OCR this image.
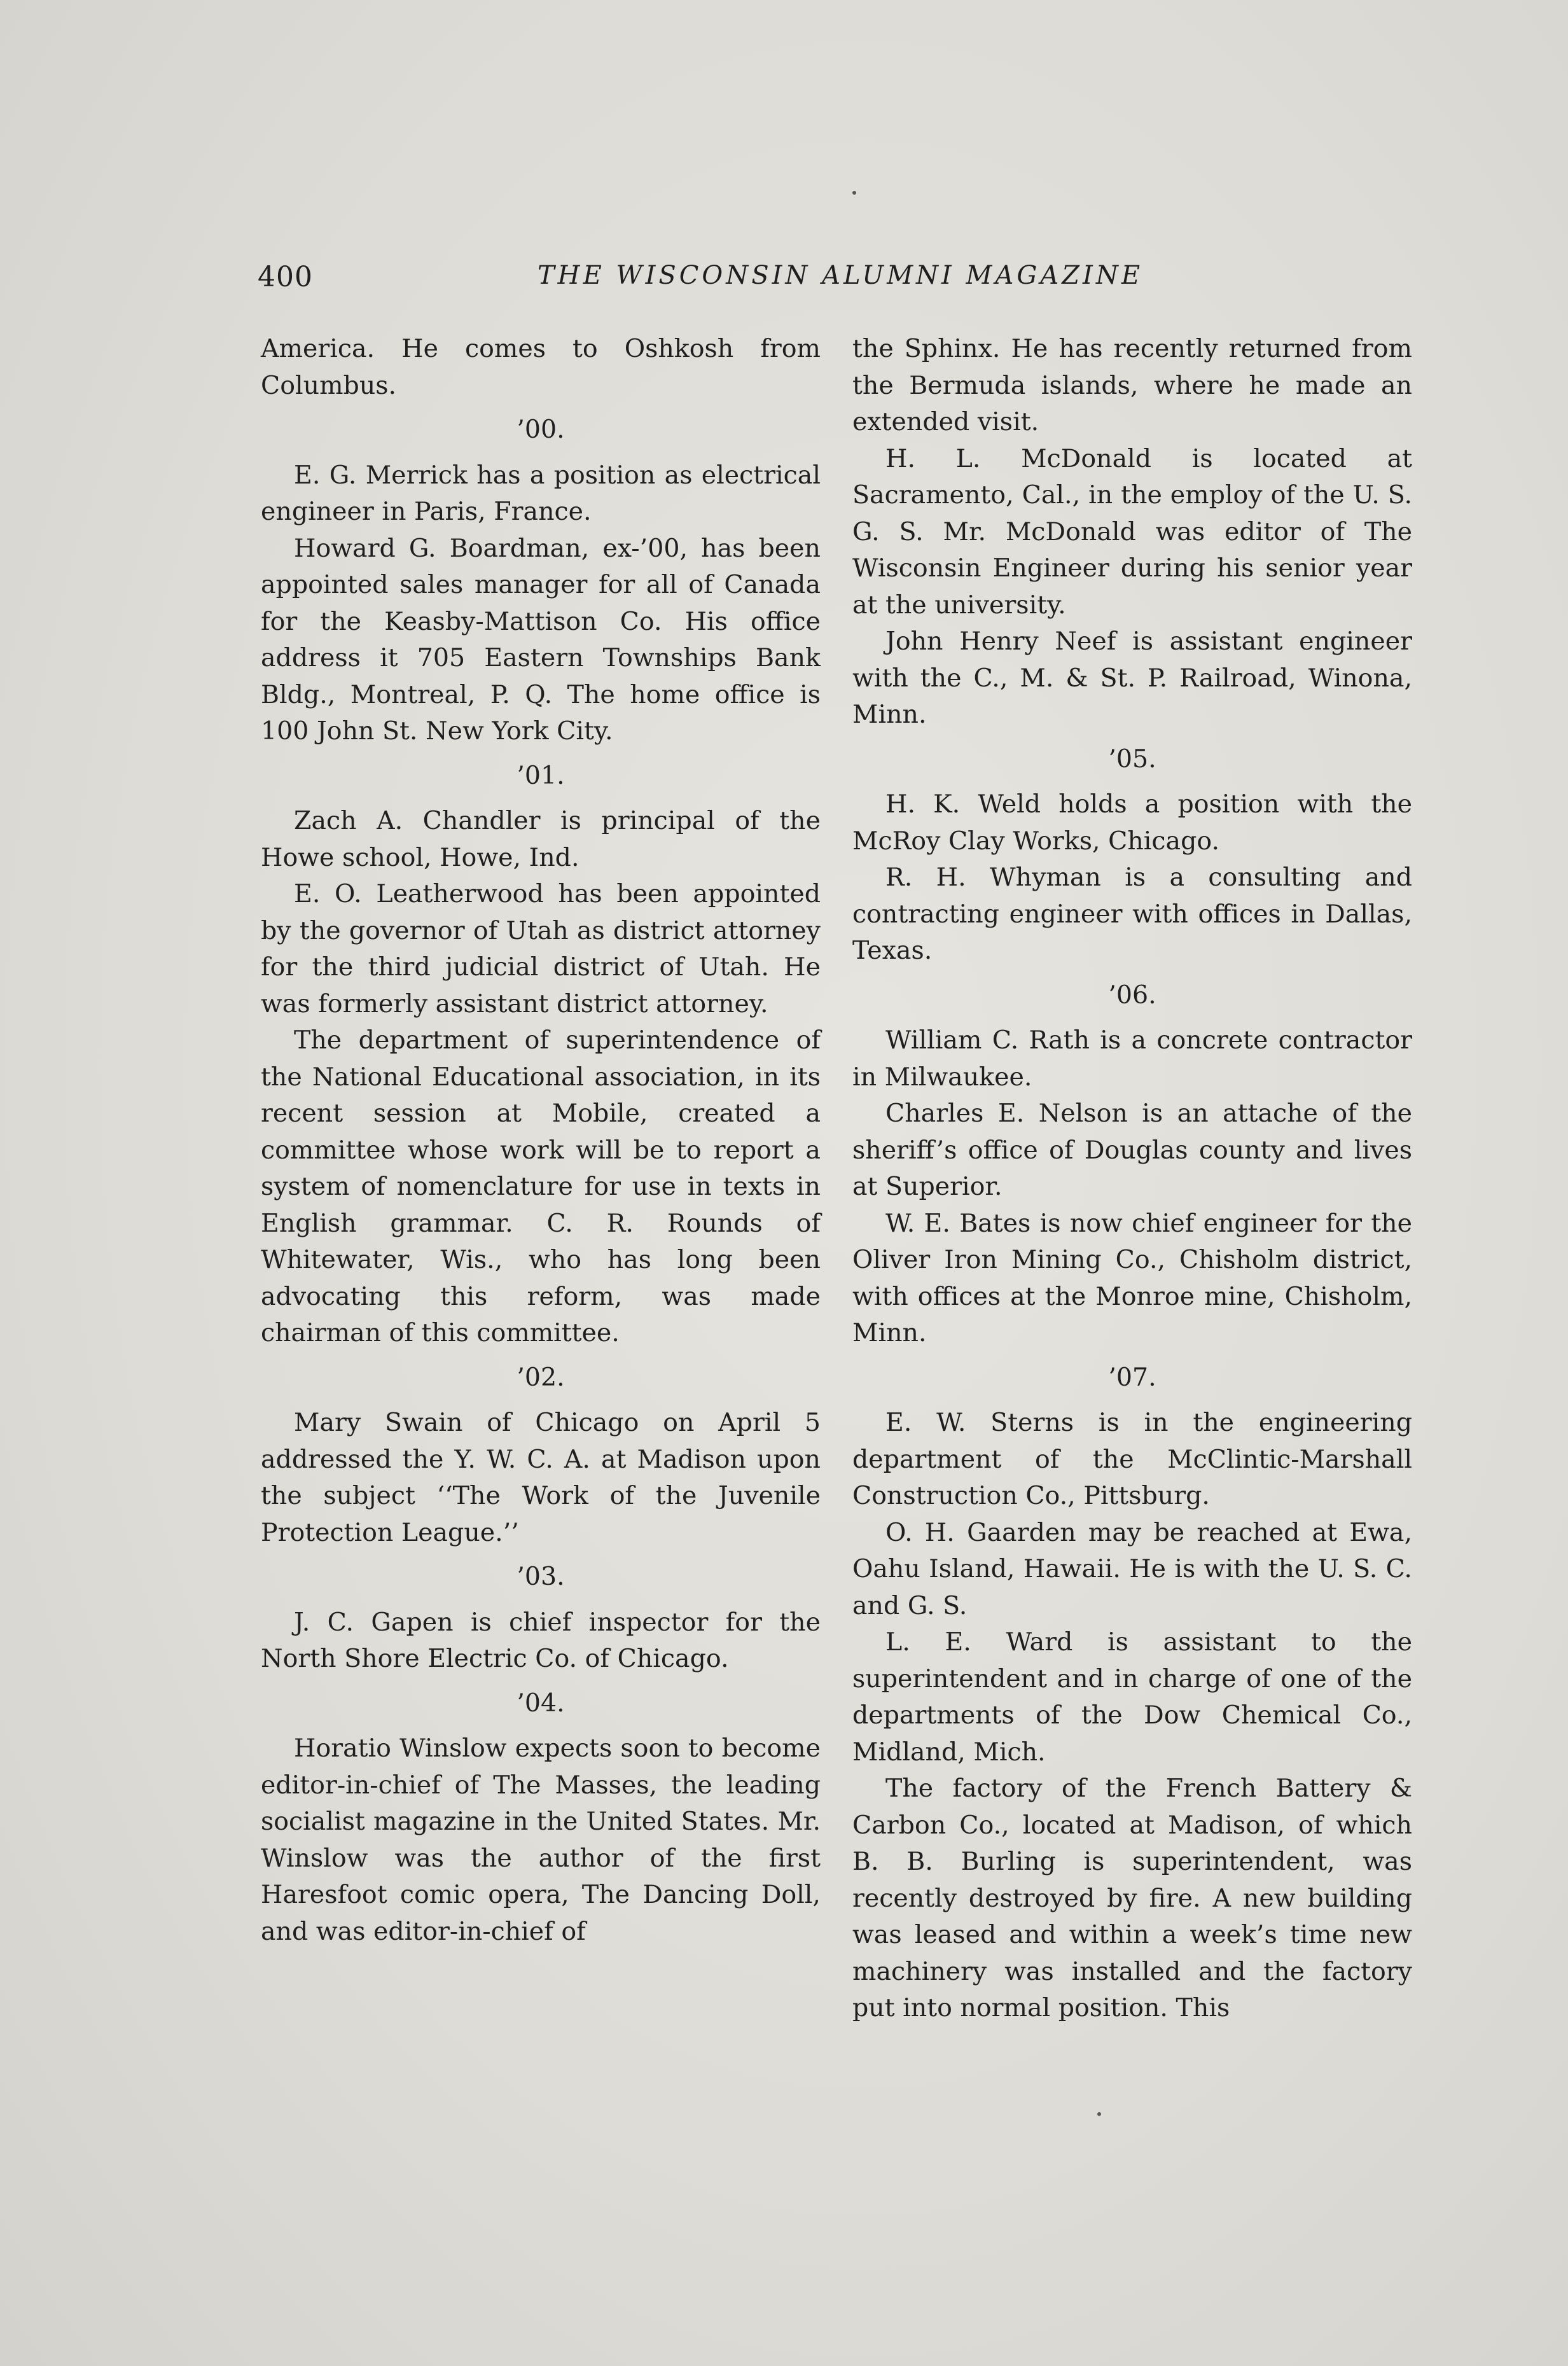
400	THE WISCONSIN ALUMNI MAGAZINE

America. He comes to Oshkosh from Columbus.

’00.

E. G. Merrick has a position as electrical engineer in Paris, France.

Howard G. Boardman, ex-’00, has been appointed sales manager for all of Canada for the Keasby-Mattison Co. His office address it 705 Eastern Townships Bank Bldg., Montreal, P. Q. The home office is 100 John St. New York City.

’01.

Zach A. Chandler is principal of the Howe school, Howe, Ind.

E. O. Leatherwood has been appointed by the governor of Utah as district attorney for the third judicial district of Utah. He was formerly assistant district attorney.

The department of superintendence of the National Educational association, in its recent session at Mobile, created a committee whose work will be to report a system of nomenclature for use in texts in English grammar. C. R. Rounds of Whitewater, Wis., who has long been advocating this reform, was made chairman of this committee.

’02.

Mary Swain of Chicago on April 5 addressed the Y. W. C. A. at Madison upon the subject ‘‘The Work of the Juvenile Protection League.’’

’03.

J. C. Gapen is chief inspector for the North Shore Electric Co. of Chicago.

’04.

Horatio Winslow expects soon to become editor-in-chief of The Masses, the leading socialist magazine in the United States. Mr. Winslow was the author of the first Haresfoot comic opera, The Dancing Doll, and was editor-in-chief of

the Sphinx. He has recently returned from the Bermuda islands, where he made an extended visit.

H. L. McDonald is located at Sacramento, Cal., in the employ of the U. S. G. S. Mr. McDonald was editor of The Wisconsin Engineer during his senior year at the university.

John Henry Neef is assistant engineer with the C., M. & St. P. Railroad, Winona, Minn.

’05.

H. K. Weld holds a position with the McRoy Clay Works, Chicago.

R. H. Whyman is a consulting and contracting engineer with offices in Dallas, Texas.

’06.

William C. Rath is a concrete contractor in Milwaukee.

Charles E. Nelson is an attache of the sheriff’s office of Douglas county and lives at Superior.

W. E. Bates is now chief engineer for the Oliver Iron Mining Co., Chisholm district, with offices at the Monroe mine, Chisholm, Minn.

’07.

E. W. Sterns is in the engineering department of the McClintic-Marshall Construction Co., Pittsburg.

O. H. Gaarden may be reached at Ewa, Oahu Island, Hawaii. He is with the U. S. C. and G. S.

L. E. Ward is assistant to the superintendent and in charge of one of the departments of the Dow Chemical Co., Midland, Mich.

The factory of the French Battery & Carbon Co., located at Madison, of which B. B. Burling is superintendent, was recently destroyed by fire. A new building was leased and within a week’s time new machinery was installed and the factory put into normal position. This
